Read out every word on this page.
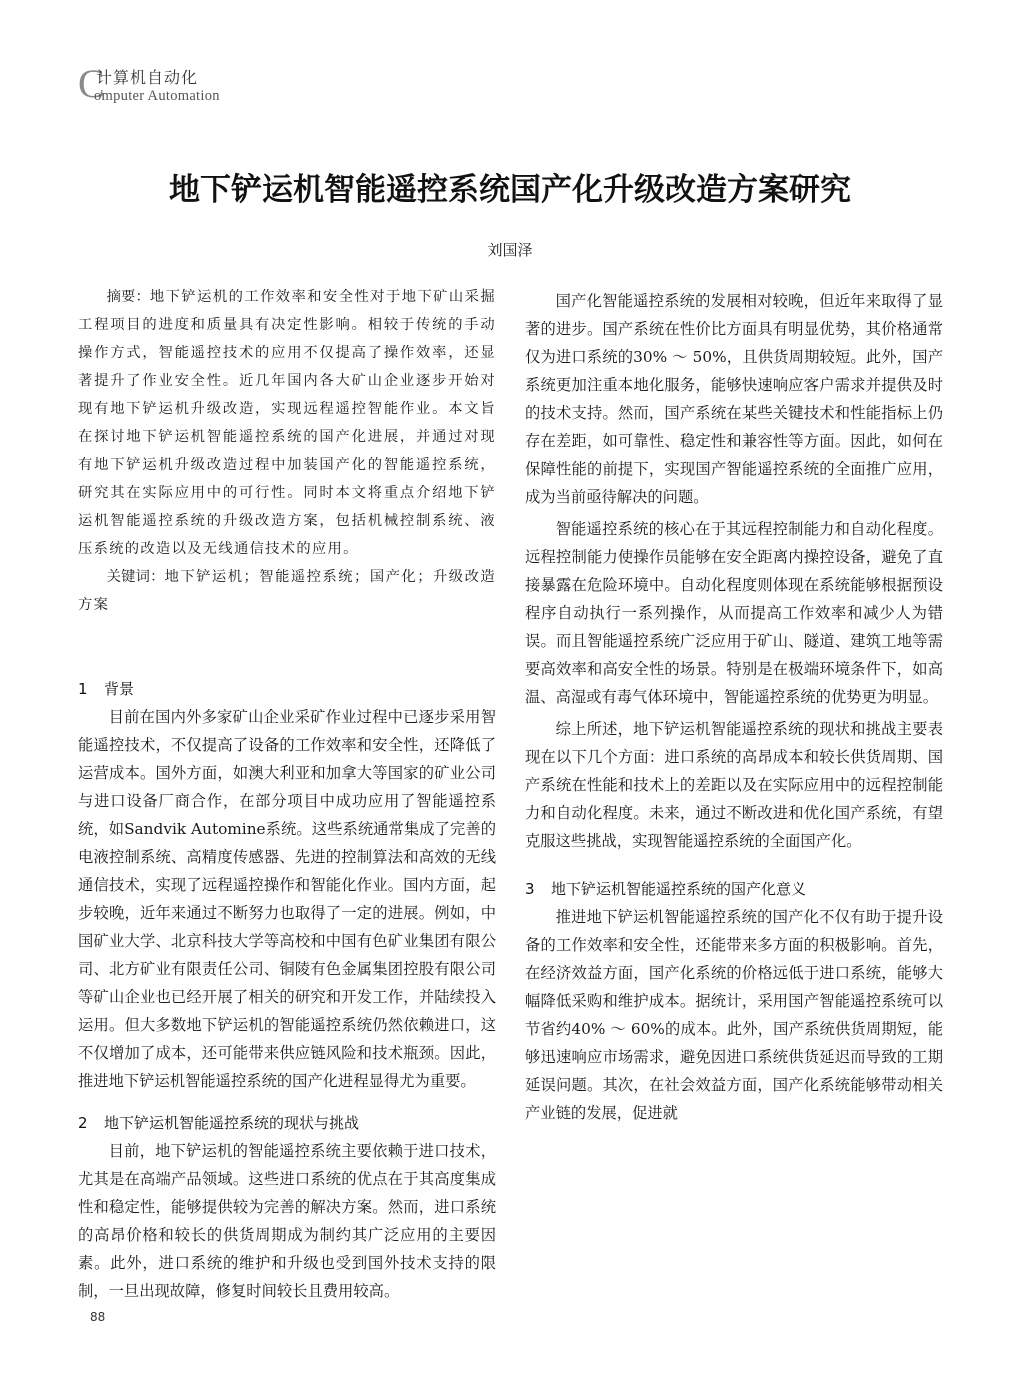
C
计算机自动化
omputer Automation
地下铲运机智能遥控系统国产化升级改造方案研究
刘国泽

摘要：地下铲运机的工作效率和安全性对于地下矿山采掘工程项目的进度和质量具有决定性影响。相较于传统的手动操作方式，智能遥控技术的应用不仅提高了操作效率，还显著提升了作业安全性。近几年国内各大矿山企业逐步开始对现有地下铲运机升级改造，实现远程遥控智能作业。本文旨在探讨地下铲运机智能遥控系统的国产化进展，并通过对现有地下铲运机升级改造过程中加装国产化的智能遥控系统，研究其在实际应用中的可行性。同时本文将重点介绍地下铲运机智能遥控系统的升级改造方案，包括机械控制系统、液压系统的改造以及无线通信技术的应用。

关键词：地下铲运机；智能遥控系统；国产化；升级改造方案

1 背景

目前在国内外多家矿山企业采矿作业过程中已逐步采用智能遥控技术，不仅提高了设备的工作效率和安全性，还降低了运营成本。国外方面，如澳大利亚和加拿大等国家的矿业公司与进口设备厂商合作，在部分项目中成功应用了智能遥控系统，如Sandvik Automine系统。这些系统通常集成了完善的电液控制系统、高精度传感器、先进的控制算法和高效的无线通信技术，实现了远程遥控操作和智能化作业。国内方面，起步较晚，近年来通过不断努力也取得了一定的进展。例如，中国矿业大学、北京科技大学等高校和中国有色矿业集团有限公司、北方矿业有限责任公司、铜陵有色金属集团控股有限公司等矿山企业也已经开展了相关的研究和开发工作，并陆续投入运用。但大多数地下铲运机的智能遥控系统仍然依赖进口，这不仅增加了成本，还可能带来供应链风险和技术瓶颈。因此，推进地下铲运机智能遥控系统的国产化进程显得尤为重要。

2 地下铲运机智能遥控系统的现状与挑战

目前，地下铲运机的智能遥控系统主要依赖于进口技术，尤其是在高端产品领域。这些进口系统的优点在于其高度集成性和稳定性，能够提供较为完善的解决方案。然而，进口系统的高昂价格和较长的供货周期成为制约其广泛应用的主要因素。此外，进口系统的维护和升级也受到国外技术支持的限制，一旦出现故障，修复时间较长且费用较高。

国产化智能遥控系统的发展相对较晚，但近年来取得了显著的进步。国产系统在性价比方面具有明显优势，其价格通常仅为进口系统的30% ～ 50%，且供货周期较短。此外，国产系统更加注重本地化服务，能够快速响应客户需求并提供及时的技术支持。然而，国产系统在某些关键技术和性能指标上仍存在差距，如可靠性、稳定性和兼容性等方面。因此，如何在保障性能的前提下，实现国产智能遥控系统的全面推广应用，成为当前亟待解决的问题。

智能遥控系统的核心在于其远程控制能力和自动化程度。远程控制能力使操作员能够在安全距离内操控设备，避免了直接暴露在危险环境中。自动化程度则体现在系统能够根据预设程序自动执行一系列操作，从而提高工作效率和减少人为错误。而且智能遥控系统广泛应用于矿山、隧道、建筑工地等需要高效率和高安全性的场景。特别是在极端环境条件下，如高温、高湿或有毒气体环境中，智能遥控系统的优势更为明显。

综上所述，地下铲运机智能遥控系统的现状和挑战主要表现在以下几个方面：进口系统的高昂成本和较长供货周期、国产系统在性能和技术上的差距以及在实际应用中的远程控制能力和自动化程度。未来，通过不断改进和优化国产系统，有望克服这些挑战，实现智能遥控系统的全面国产化。

3 地下铲运机智能遥控系统的国产化意义

推进地下铲运机智能遥控系统的国产化不仅有助于提升设备的工作效率和安全性，还能带来多方面的积极影响。首先，在经济效益方面，国产化系统的价格远低于进口系统，能够大幅降低采购和维护成本。据统计，采用国产智能遥控系统可以节省约40% ～ 60%的成本。此外，国产系统供货周期短，能够迅速响应市场需求，避免因进口系统供货延迟而导致的工期延误问题。其次，在社会效益方面，国产化系统能够带动相关产业链的发展，促进就

88
